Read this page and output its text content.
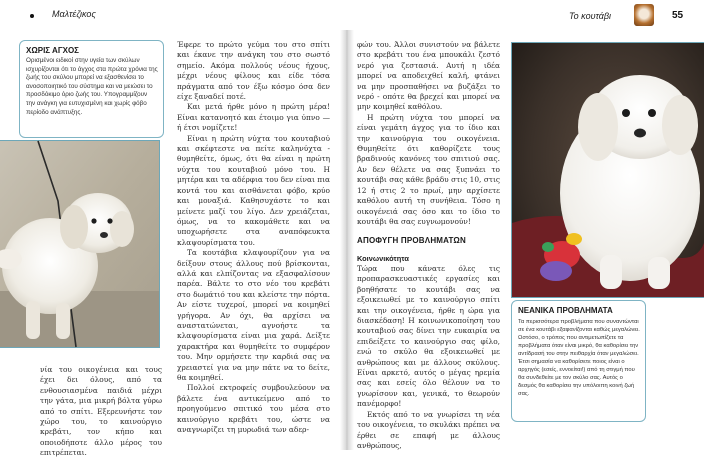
Μαλτέζικος	Το κουτάβι	55
ΧΩΡΙΣ ΑΓΧΟΣ
Ορισμένοι ειδικοί στην υγεία των σκύλων ισχυρίζονται ότι το άγχος στα πρώτα χρόνια της ζωής του σκύλου μπορεί να εξασθενίσει το ανοσοποιητικό του σύστημα και να μειώσει το προσδόκιμο όριο ζωής του. Υπογραμμίζουν την ανάγκη για ευτυχισμένη και χωρίς φόβο περίοδο ανάπτυξης.

νία του οικογένεια και τους έχει δει όλους, από τα ενθουσιασμένα παιδιά μέχρι την γάτα, μια μικρή βόλτα γύρω από το σπίτι. Εξερευνήστε τον χώρο του, το καινούργιο κρεβάτι, τον κήπο και οποιοδήποτε άλλο μέρος του επιτρέπεται.

Έφερε το πρώτο γεύμα του στο σπίτι και έκανε την ανάγκη του στο σωστό σημείο. Ακόμα πολλούς νέους ήχους, μέχρι νέους φίλους και είδε τόσα πράγματα από τον έξω κόσμο όσα δεν είχε ξαναδεί ποτέ.

Και μετά ήρθε μόνο η πρώτη μέρα! Είναι κατανοητό και έτοιμο για ύπνο — ή έτσι νομίζετε!

Είναι η πρώτη νύχτα του κουταβιού και σκέφτεστε να πείτε καληνύχτα - θυμηθείτε, όμως, ότι θα είναι η πρώτη νύχτα του κουταβιού μόνο του. Η μητέρα και τα αδέρφια του δεν είναι πια κοντά του και αισθάνεται φόβο, κρύο και μοναξιά. Καθησυχάστε το και μείνετε μαζί του λίγο. Δεν χρειάζεται, όμως, να το κακομάθετε και να υποχωρήσετε στα αναπόφευκτα κλαψουρίσματα του.

Τα κουτάβια κλαψουρίζουν για να δείξουν στους άλλους πού βρίσκονται, αλλά και ελπίζοντας να εξασφαλίσουν παρέα. Βάλτε το στο νέο του κρεβάτι στο δωμάτιό του και κλείστε την πόρτα. Αν είστε τυχεροί, μπορεί να κοιμηθεί γρήγορα. Αν όχι, θα αρχίσει να αναστατώνεται, αγνοήστε τα κλαψουρίσματα είναι μια χαρά. Δείξτε χαρακτήρα και θυμηθείτε το συμφέρον του. Μην ορμήσετε την καρδιά σας να χρειαστεί για να μην πάτε να το δείτε, θα κοιμηθεί.

Πολλοί εκτροφείς συμβουλεύουν να βάλετε ένα αντικείμενο από το προηγούμενο σπιτικό του μέσα στο καινούργιο κρεβάτι του, ώστε να αναγνωρίζει τη μυρωδιά των αδερ-

φών του. Άλλοι συνιστούν να βάλετε στο κρεβάτι του ένα μπουκάλι ζεστό νερό για ζεστασιά. Αυτή η ιδέα μπορεί να αποδειχθεί καλή, φτάνει να μην προσπαθήσει να βυζάξει το νερό - οπότε θα βρεχεί και μπορεί να μην κοιμηθεί καθόλου.

Η πρώτη νύχτα του μπορεί να είναι γεμάτη άγχος για το ίδιο και την καινούργια του οικογένεια. Θυμηθείτε ότι καθορίζετε τους βραδινούς κανόνες του σπιτιού σας. Αν δεν θέλετε να σας ξυπνάει το κουτάβι σας κάθε βράδυ στις 10, στις 12 ή στις 2 το πρωί, μην αρχίσετε καθόλου αυτή τη συνήθεια. Τόσο η οικογένειά σας όσο και το ίδιο το κουτάβι θα σας ευγνωμονούν!

ΑΠΟΦΥΓΗ ΠΡΟΒΛΗΜΑΤΩΝ
Κοινωνικότητα

Τώρα που κάνατε όλες τις προπαρασκευαστικές εργασίες και βοηθήσατε το κουτάβι σας να εξοικειωθεί με το καινούργιο σπίτι και την οικογένεια, ήρθε η ώρα για διασκέδαση! Η κοινωνικοποίηση του κουταβιού σας δίνει την ευκαιρία να επιδείξετε το καινούργιο σας φίλο, ενώ το σκύλο θα εξοικειωθεί με ανθρώπους και με άλλους σκύλους. Είναι αρκετό, αυτός ο μέγας ηρεμία σας και εσείς όλο θέλουν να το γνωρίσουν και, γενικά, το θεωρούν πανέμορφο!

Εκτός από το να γνωρίσει τη νέα του οικογένεια, το σκυλάκι πρέπει να έρθει σε επαφή με άλλους ανθρώπους,

ΝΕΑΝΙΚΑ ΠΡΟΒΛΗΜΑΤΑ
Τα περισσότερα προβλήματα που συναντώνται σε ένα κουτάβι εξαφανίζονται καθώς μεγαλώνει. Ωστόσο, ο τρόπος που αντιμετωπίζετε τα προβλήματα όταν είναι μικρό, θα καθορίσει την αντίδρασή του στην πειθαρχία όταν μεγαλώσει. Έτσι σημασία να καθορίσετε ποιος είναι ο αρχηγός (εσείς, εννοείται!) από τη στιγμή που θα συνδεθείτε με τον σκύλο σας. Αυτός ο δεσμός θα καθορίσει την υπόλοιπη κοινή ζωή σας.
